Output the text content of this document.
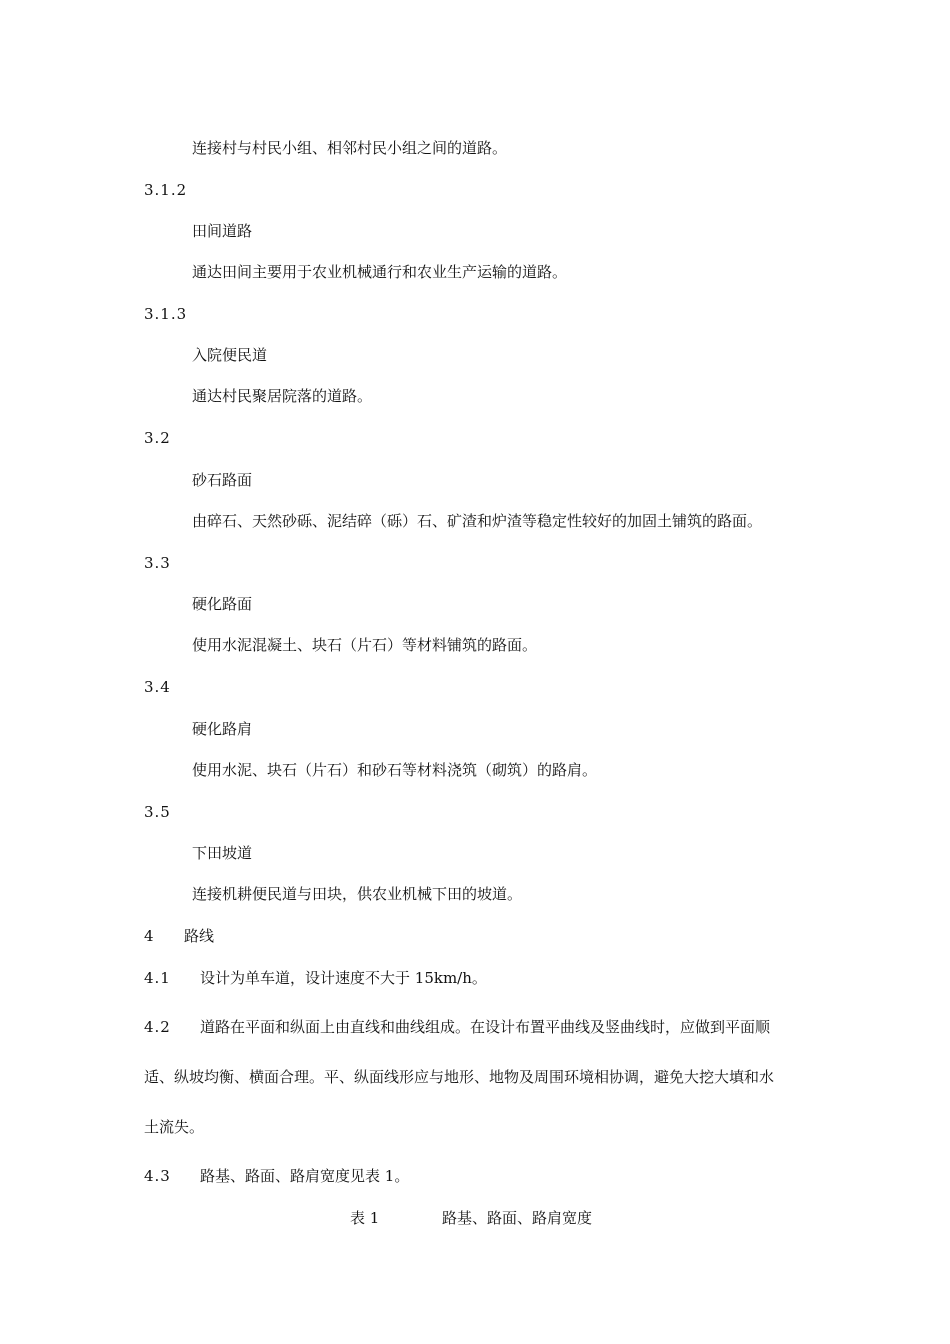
连接村与村民小组、相邻村民小组之间的道路。
3.1.2
田间道路
通达田间主要用于农业机械通行和农业生产运输的道路。
3.1.3
入院便民道
通达村民聚居院落的道路。
3.2
砂石路面
由碎石、天然砂砾、泥结碎（砾）石、矿渣和炉渣等稳定性较好的加固土铺筑的路面。
3.3
硬化路面
使用水泥混凝土、块石（片石）等材料铺筑的路面。
3.4
硬化路肩
使用水泥、块石（片石）和砂石等材料浇筑（砌筑）的路肩。
3.5
下田坡道
连接机耕便民道与田块，供农业机械下田的坡道。
4 路线
4.1 设计为单车道，设计速度不大于 15km/h。
4.2 道路在平面和纵面上由直线和曲线组成。在设计布置平曲线及竖曲线时，应做到平面顺
适、纵坡均衡、横面合理。平、纵面线形应与地形、地物及周围环境相协调，避免大挖大填和水
土流失。
4.3 路基、路面、路肩宽度见表 1。
表 1	路基、路面、路肩宽度
